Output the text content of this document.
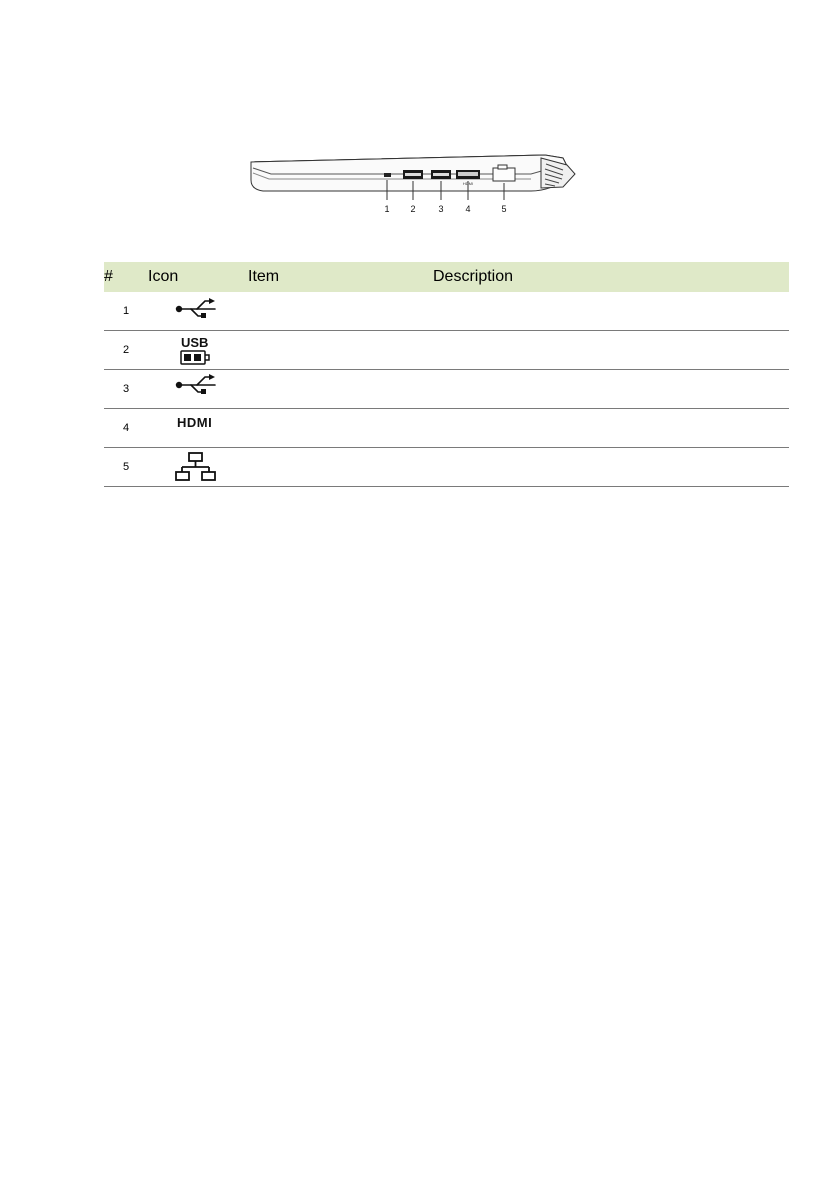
HDMI
1 2	3 4	5
#	Icon	Item	Description
1	

2	USB		

3	

4	HDMI		

5	
